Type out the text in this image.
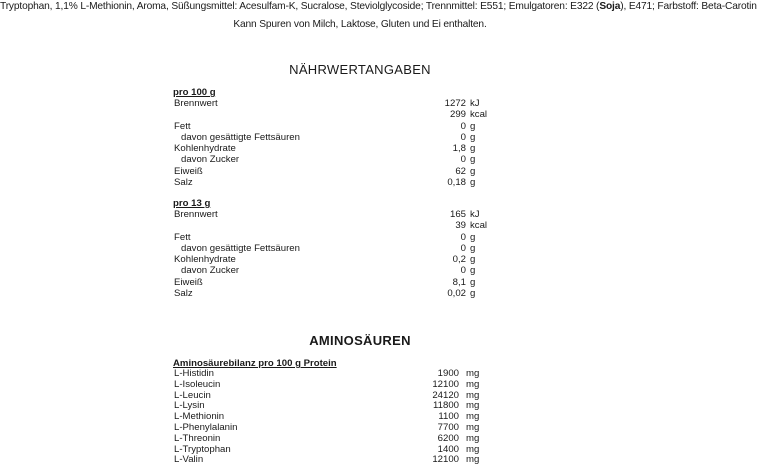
Tryptophan, 1,1% L-Methionin, Aroma, Süßungsmittel: Acesulfam-K, Sucralose, Steviolglycoside; Trennmittel: E551; Emulgatoren: E322 (Soja), E471; Farbstoff: Beta-Carotin
Kann Spuren von Milch, Laktose, Gluten und Ei enthalten.
NÄHRWERTANGABEN
pro 100 g
Brennwert	1272 kJ
299 kcal
Fett	0 g
davon gesättigte Fettsäuren	0 g
Kohlenhydrate	1,8 g
davon Zucker	0 g
Eiweiß	62 g
Salz	0,18 g
pro 13 g
Brennwert	165 kJ
39 kcal
Fett	0 g
davon gesättigte Fettsäuren	0 g
Kohlenhydrate	0,2 g
davon Zucker	0 g
Eiweiß	8,1 g
Salz	0,02 g
AMINOSÄUREN
Aminosäurebilanz pro 100 g Protein
L-Histidin	1900 mg
L-Isoleucin	12100 mg
L-Leucin	24120 mg
L-Lysin	11800 mg
L-Methionin	1100 mg
L-Phenylalanin	7700 mg
L-Threonin	6200 mg
L-Tryptophan	1400 mg
L-Valin	12100 mg
